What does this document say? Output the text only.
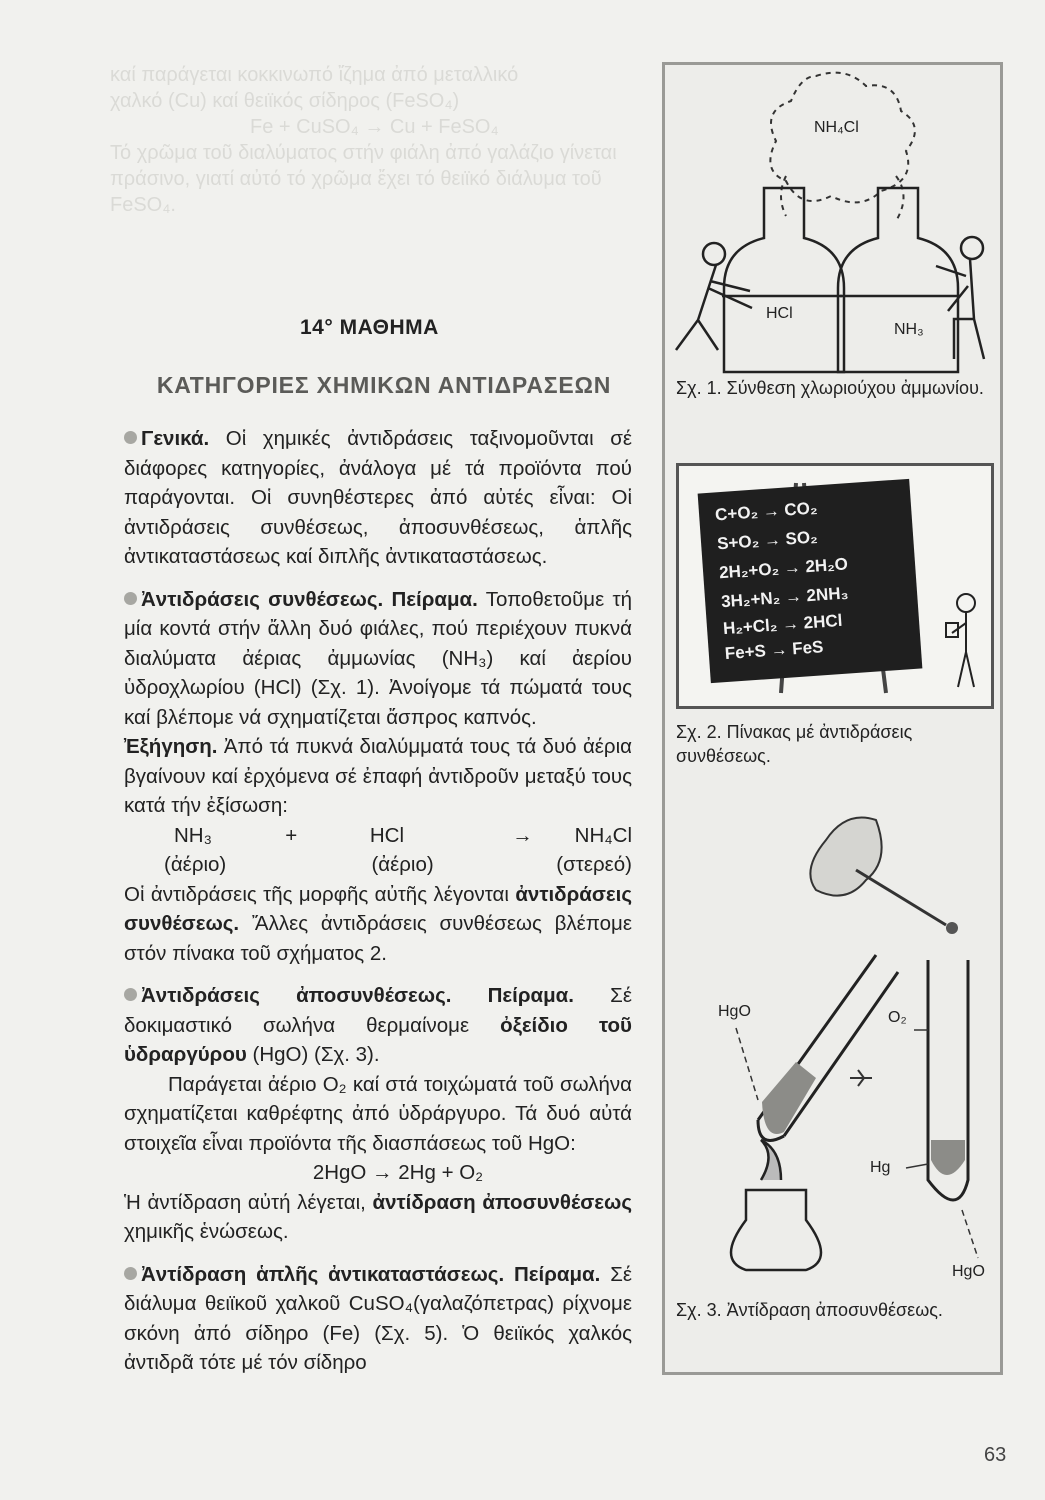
καί παράγεται κοκκινωπό ἴζημα ἀπό μεταλλικό
χαλκό (Cu) καί θειϊκός σίδηρος (FeSO₄)
Fe + CuSO₄ → Cu + FeSO₄
Τό χρῶμα τοῦ διαλύματος στήν φιάλη ἀπό γαλάζιο γίνεται πράσινο, γιατί αὐτό τό χρῶμα ἔχει τό θειϊκό διάλυμα τοῦ FeSO₄.
14° ΜΑΘΗΜΑ
ΚΑΤΗΓΟΡΙΕΣ ΧΗΜΙΚΩΝ ΑΝΤΙΔΡΑΣΕΩΝ

Γενικά. Οἱ χημικές ἀντιδράσεις ταξινομοῦνται σέ διάφορες κατηγορίες, ἀνάλογα μέ τά προϊόντα πού παράγονται. Οἱ συνηθέστερες ἀπό αὐτές εἶναι: Οἱ ἀντιδράσεις συνθέσεως, ἀποσυνθέσεως, ἁπλῆς ἀντικαταστάσεως καί διπλῆς ἀντικαταστάσεως.

Ἀντιδράσεις συνθέσεως. Πείραμα. Τοποθετοῦμε τή μία κοντά στήν ἄλλη δυό φιάλες, πού περιέχουν πυκνά διαλύματα ἀέριας ἀμμωνίας (NH₃) καί ἀερίου ὑδροχλωρίου (HCl) (Σχ. 1). Ἀνοίγομε τά πώματά τους καί βλέπομε νά σχηματίζεται ἄσπρος καπνός.

Ἐξήγηση. Ἀπό τά πυκνά διαλύμματά τους τά δυό ἀέρια βγαίνουν καί ἐρχόμενα σέ ἐπαφή ἀντιδροῦν μεταξύ τους κατά τήν ἐξίσωση:

NH₃	+	HCl	→	NH₄Cl
(ἀέριο)	(ἀέριο)	(στερεό)

Οἱ ἀντιδράσεις τῆς μορφῆς αὐτῆς λέγονται ἀντιδράσεις συνθέσεως. Ἄλλες ἀντιδράσεις συνθέσεως βλέπομε στόν πίνακα τοῦ σχήματος 2.

Ἀντιδράσεις ἀποσυνθέσεως. Πείραμα. Σέ δοκιμαστικό σωλήνα θερμαίνομε ὀξείδιο τοῦ ὑδραργύρου (HgO) (Σχ. 3).

Παράγεται ἀέριο O₂ καί στά τοιχώματά τοῦ σωλήνα σχηματίζεται καθρέφτης ἀπό ὑδράργυρο. Τά δυό αὐτά στοιχεῖα εἶναι προϊόντα τῆς διασπάσεως τοῦ HgO:

2HgO → 2Hg + O₂

Ἡ ἀντίδραση αὐτή λέγεται, ἀντίδραση ἀποσυνθέσεως χημικῆς ἑνώσεως.

Ἀντίδραση ἁπλῆς ἀντικαταστάσεως. Πείραμα. Σέ διάλυμα θειϊκοῦ χαλκοῦ CuSO₄(γαλαζόπετρας) ρίχνομε σκόνη ἀπό σίδηρο (Fe) (Σχ. 5). Ὁ θειϊκός χαλκός ἀντιδρᾶ τότε μέ τόν σίδηρο

NH₄Cl
HCl
NH₃
Σχ. 1. Σύνθεση χλωριούχου ἀμμωνίου.
C+O₂ → CO₂
S+O₂ → SO₂
2H₂+O₂ → 2H₂O
3H₂+N₂ → 2NH₃
H₂+Cl₂ → 2HCl
Fe+S → FeS
Σχ. 2. Πίνακας μέ ἀντιδράσεις συνθέσεως.
HgO	O₂
Hg
HgO
Σχ. 3. Ἀντίδραση ἀποσυνθέσεως.
63
